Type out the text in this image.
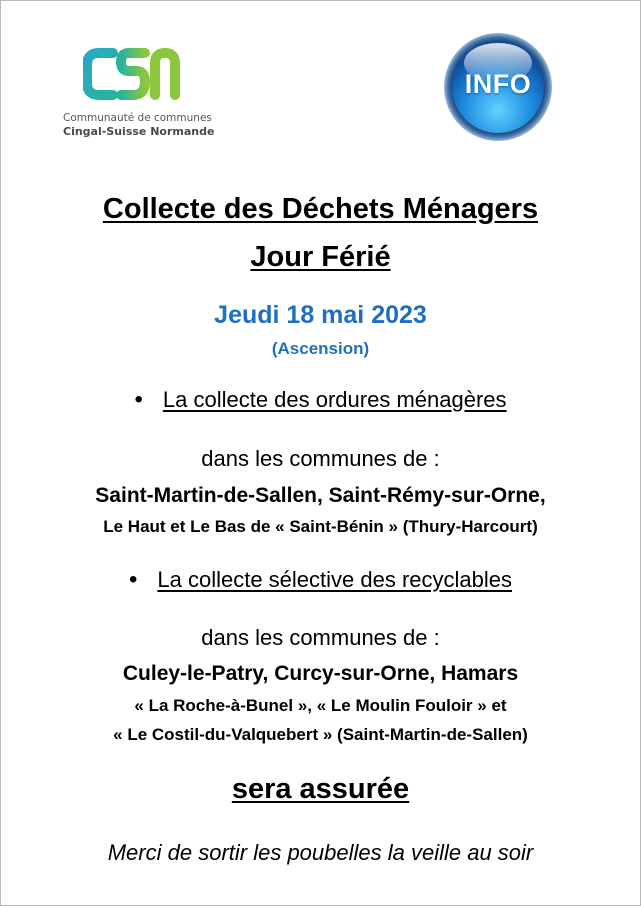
Communauté de communes
Cingal-Suisse Normande
INFO
Collecte des Déchets Ménagers
Jour Férié
Jeudi 18 mai 2023
(Ascension)
• La collecte des ordures ménagères
dans les communes de :
Saint-Martin-de-Sallen, Saint-Rémy-sur-Orne,
Le Haut et Le Bas de « Saint-Bénin » (Thury-Harcourt)
• La collecte sélective des recyclables
dans les communes de :
Culey-le-Patry, Curcy-sur-Orne, Hamars
« La Roche-à-Bunel », « Le Moulin Fouloir » et
« Le Costil-du-Valquebert » (Saint-Martin-de-Sallen)
sera assurée
Merci de sortir les poubelles la veille au soir
